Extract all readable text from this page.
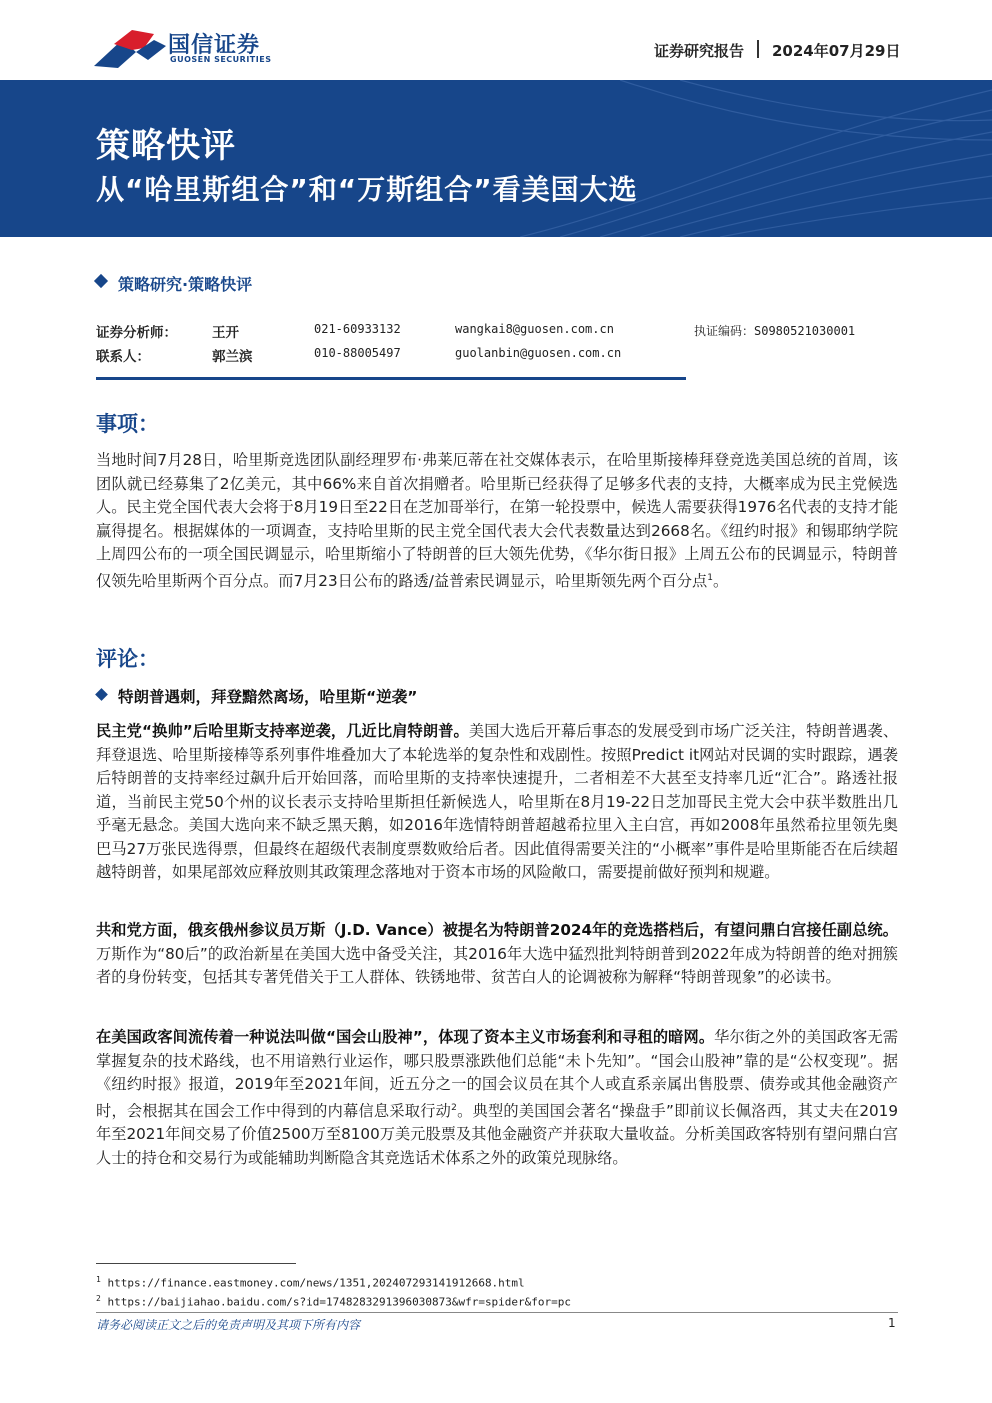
国信证券
GUOSEN SECURITIES	证券研究报告 2024年07月29日
策略快评
从“哈里斯组合”和“万斯组合”看美国大选
策略研究·策略快评
证券分析师：	王开	021-60933132	wangkai8@guosen.com.cn	执证编码：S0980521030001
联系人：	郭兰滨	010-88005497	guolanbin@guosen.com.cn
事项：
当地时间7月28日，哈里斯竞选团队副经理罗布·弗莱厄蒂在社交媒体表示，在哈里斯接棒拜登竞选美国总统的首周，该团队就已经募集了2亿美元，其中66%来自首次捐赠者。哈里斯已经获得了足够多代表的支持，大概率成为民主党候选人。民主党全国代表大会将于8月19日至22日在芝加哥举行，在第一轮投票中，候选人需要获得1976名代表的支持才能赢得提名。根据媒体的一项调查，支持哈里斯的民主党全国代表大会代表数量达到2668名。《纽约时报》和锡耶纳学院上周四公布的一项全国民调显示，哈里斯缩小了特朗普的巨大领先优势，《华尔街日报》上周五公布的民调显示，特朗普仅领先哈里斯两个百分点。而7月23日公布的路透/益普索民调显示，哈里斯领先两个百分点$^1$。
评论：
特朗普遇刺，拜登黯然离场，哈里斯“逆袭”
民主党“换帅”后哈里斯支持率逆袭，几近比肩特朗普。美国大选后开幕后事态的发展受到市场广泛关注，特朗普遇袭、拜登退选、哈里斯接棒等系列事件堆叠加大了本轮选举的复杂性和戏剧性。按照Predict it网站对民调的实时跟踪，遇袭后特朗普的支持率经过飙升后开始回落，而哈里斯的支持率快速提升，二者相差不大甚至支持率几近“汇合”。路透社报道，当前民主党50个州的议长表示支持哈里斯担任新候选人，哈里斯在8月19-22日芝加哥民主党大会中获半数胜出几乎毫无悬念。美国大选向来不缺乏黑天鹅，如2016年选情特朗普超越希拉里入主白宫，再如2008年虽然希拉里领先奥巴马27万张民选得票，但最终在超级代表制度票数败给后者。因此值得需要关注的“小概率”事件是哈里斯能否在后续超越特朗普，如果尾部效应释放则其政策理念落地对于资本市场的风险敞口，需要提前做好预判和规避。
共和党方面，俄亥俄州参议员万斯（J.D. Vance）被提名为特朗普2024年的竞选搭档后，有望问鼎白宫接任副总统。万斯作为“80后”的政治新星在美国大选中备受关注，其2016年大选中猛烈批判特朗普到2022年成为特朗普的绝对拥簇者的身份转变，包括其专著凭借关于工人群体、铁锈地带、贫苦白人的论调被称为解释“特朗普现象”的必读书。
在美国政客间流传着一种说法叫做“国会山股神”，体现了资本主义市场套利和寻租的暗网。华尔街之外的美国政客无需掌握复杂的技术路线，也不用谙熟行业运作，哪只股票涨跌他们总能“未卜先知”。“国会山股神”靠的是“公权变现”。据《纽约时报》报道，2019年至2021年间，近五分之一的国会议员在其个人或直系亲属出售股票、债券或其他金融资产时，会根据其在国会工作中得到的内幕信息采取行动$^2$。典型的美国国会著名“操盘手”即前议长佩洛西，其丈夫在2019年至2021年间交易了价值2500万至8100万美元股票及其他金融资产并获取大量收益。分析美国政客特别有望问鼎白宫人士的持仓和交易行为或能辅助判断隐含其竞选话术体系之外的政策兑现脉络。
$^1$ https://finance.eastmoney.com/news/1351,202407293141912668.html
$^2$ https://baijiahao.baidu.com/s?id=1748283291396030873&wfr=spider&for=pc
请务必阅读正文之后的免责声明及其项下所有内容	1
